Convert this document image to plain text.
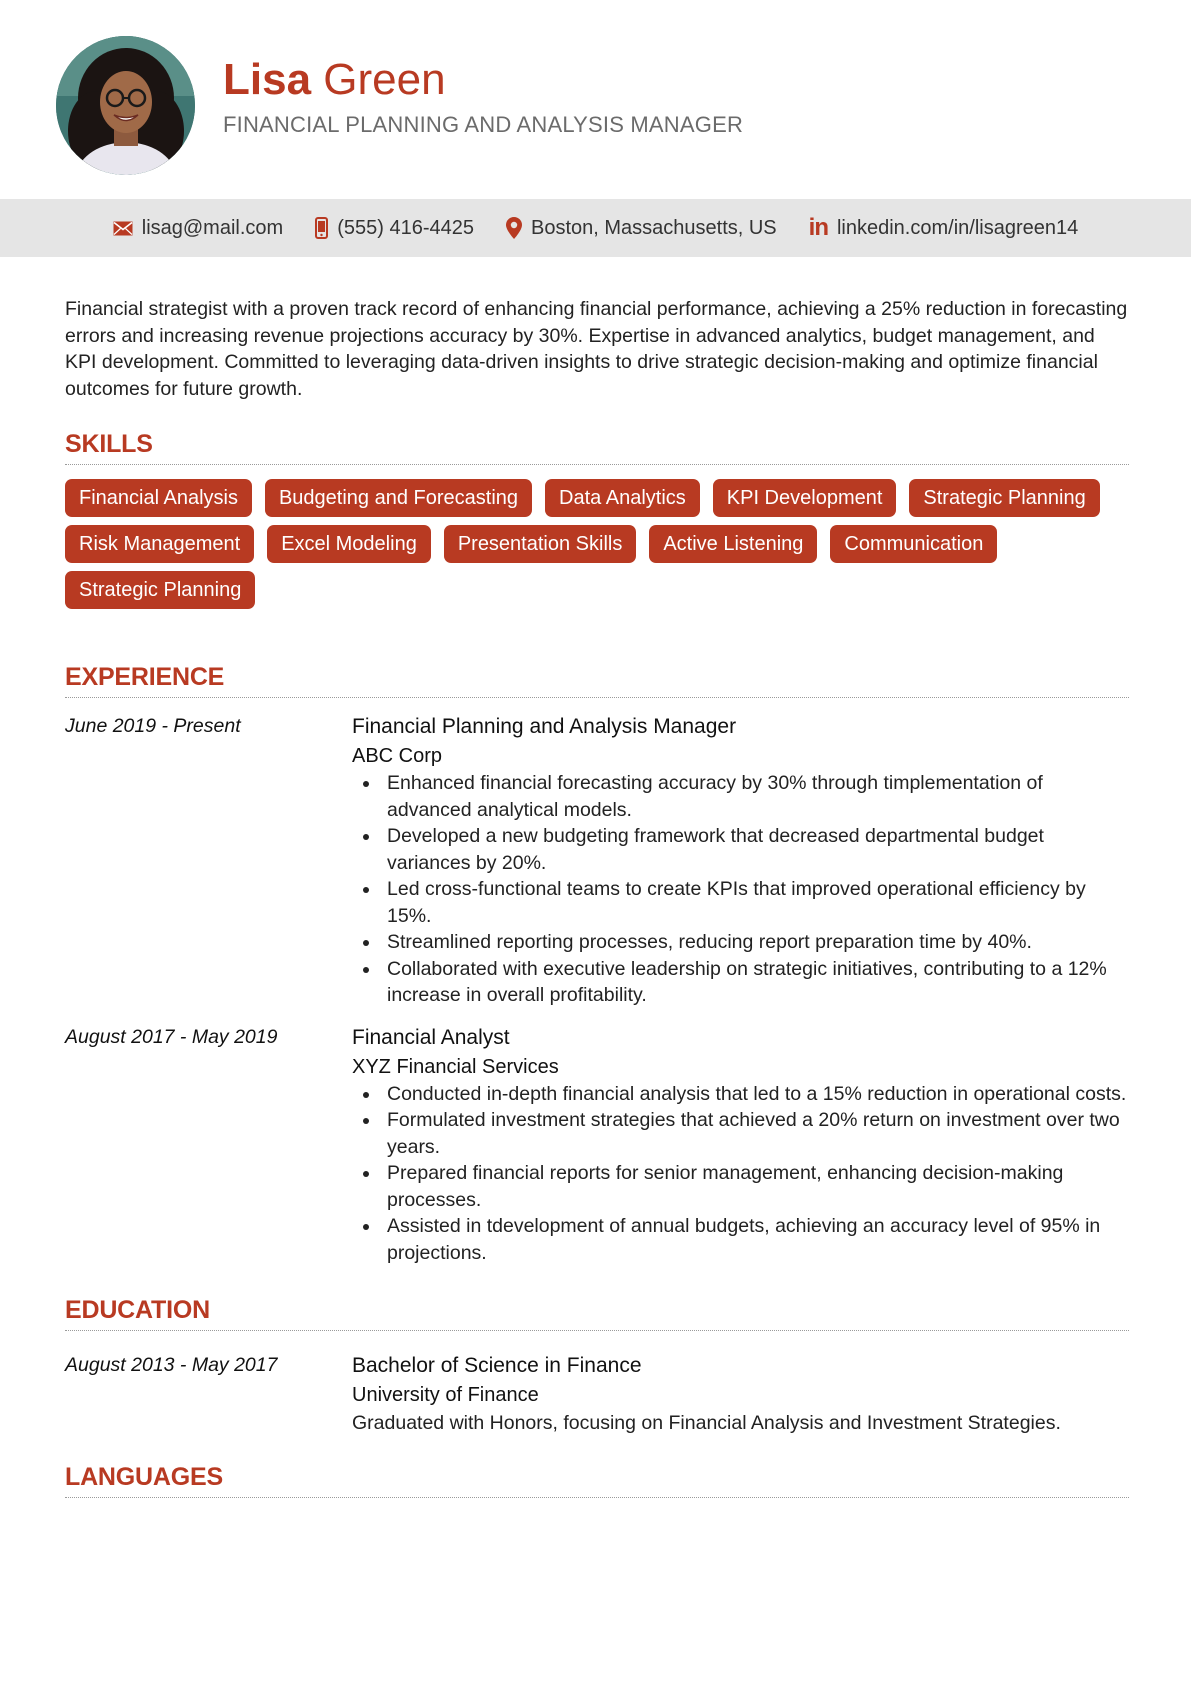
Lisa Green
FINANCIAL PLANNING AND ANALYSIS MANAGER
lisag@mail.com	(555) 416-4425	Boston, Massachusetts, US in linkedin.com/in/lisagreen14

Financial strategist with a proven track record of enhancing financial performance, achieving a 25% reduction in forecasting errors and increasing revenue projections accuracy by 30%. Expertise in advanced analytics, budget management, and KPI development. Committed to leveraging data-driven insights to drive strategic decision-making and optimize financial outcomes for future growth.

SKILLS
Financial Analysis	Budgeting and Forecasting	Data Analytics	KPI Development	Strategic Planning
Risk Management	Excel Modeling	Presentation Skills	Active Listening	Communication
Strategic Planning
EXPERIENCE
June 2019 - Present	Financial Planning and Analysis Manager
ABC Corp
Enhanced financial forecasting accuracy by 30% through timplementation of advanced analytical models.
Developed a new budgeting framework that decreased departmental budget variances by 20%.
Led cross-functional teams to create KPIs that improved operational efficiency by 15%.
Streamlined reporting processes, reducing report preparation time by 40%.
Collaborated with executive leadership on strategic initiatives, contributing to a 12% increase in overall profitability.
August 2017 - May 2019	Financial Analyst
XYZ Financial Services
Conducted in-depth financial analysis that led to a 15% reduction in operational costs.
Formulated investment strategies that achieved a 20% return on investment over two years.
Prepared financial reports for senior management, enhancing decision-making processes.
Assisted in tdevelopment of annual budgets, achieving an accuracy level of 95% in projections.
EDUCATION
August 2013 - May 2017	Bachelor of Science in Finance
University of Finance
Graduated with Honors, focusing on Financial Analysis and Investment Strategies.
LANGUAGES
